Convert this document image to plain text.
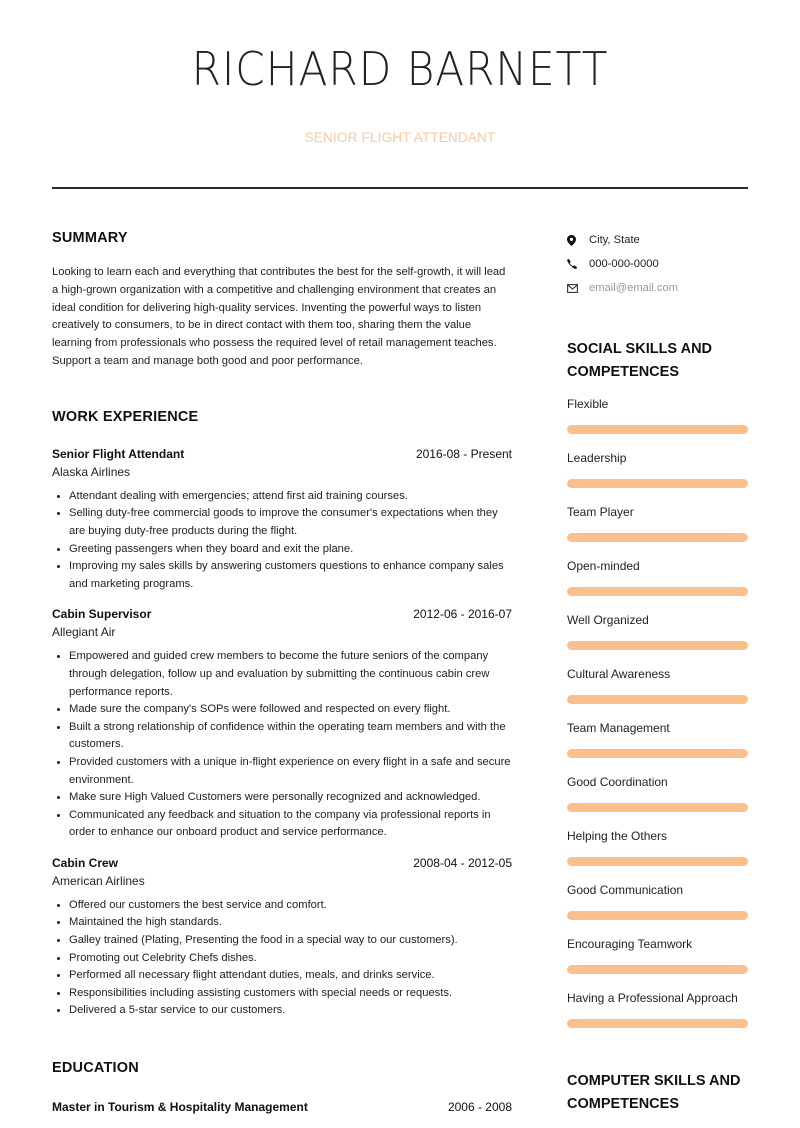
RICHARD BARNETT
SENIOR FLIGHT ATTENDANT
SUMMARY

Looking to learn each and everything that contributes the best for the self-growth, it will lead a high-grown organization with a competitive and challenging environment that creates an ideal condition for delivering high-quality services. Inventing the powerful ways to listen creatively to consumers, to be in direct contact with them too, sharing them the value learning from professionals who possess the required level of retail management teaches. Support a team and manage both good and poor performance.

WORK EXPERIENCE
Senior Flight Attendant	2016-08 - Present
Alaska Airlines
• Attendant dealing with emergencies; attend first aid training courses.
• Selling duty-free commercial goods to improve the consumer's expectations when they are buying duty-free products during the flight.
• Greeting passengers when they board and exit the plane.
• Improving my sales skills by answering customers questions to enhance company sales and marketing programs.
Cabin Supervisor	2012-06 - 2016-07
Allegiant Air
• Empowered and guided crew members to become the future seniors of the company through delegation, follow up and evaluation by submitting the continuous cabin crew performance reports.
• Made sure the company's SOPs were followed and respected on every flight.
• Built a strong relationship of confidence within the operating team members and with the customers.
• Provided customers with a unique in-flight experience on every flight in a safe and secure environment.
• Make sure High Valued Customers were personally recognized and acknowledged.
• Communicated any feedback and situation to the company via professional reports in order to enhance our onboard product and service performance.
Cabin Crew	2008-04 - 2012-05
American Airlines
• Offered our customers the best service and comfort.
• Maintained the high standards.
• Galley trained (Plating, Presenting the food in a special way to our customers).
• Promoting out Celebrity Chefs dishes.
• Performed all necessary flight attendant duties, meals, and drinks service.
• Responsibilities including assisting customers with special needs or requests.
• Delivered a 5-star service to our customers.
EDUCATION
Master in Tourism & Hospitality Management	2006 - 2008
City, State
000-000-0000
email@email.com
SOCIAL SKILLS AND COMPETENCES
Flexible
Leadership
Team Player
Open-minded
Well Organized
Cultural Awareness
Team Management
Good Coordination
Helping the Others
Good Communication
Encouraging Teamwork
Having a Professional Approach
COMPUTER SKILLS AND COMPETENCES
